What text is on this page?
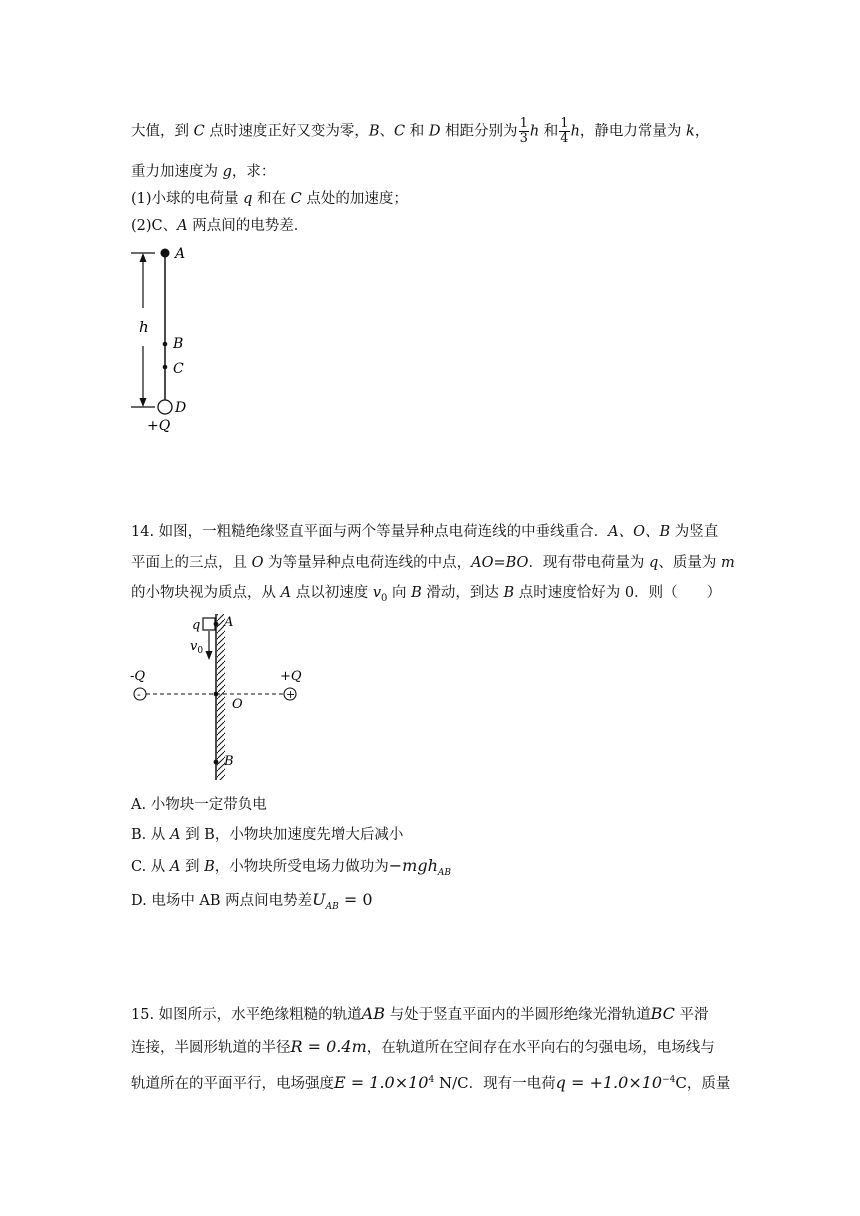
大值，到 C 点时速度正好又变为零，B、C 和 D 相距分别为 $\frac{1}{3}$ h 和 $\frac{1}{4}$ h，静电力常量为 k，
重力加速度为 g，求：
(1)小球的电荷量 q 和在 C 点处的加速度；
(2)C、A 两点间的电势差．
h
A
B
C
D
+Q
14. 如图，一粗糙绝缘竖直平面与两个等量异种点电荷连线的中垂线重合．A、O、B 为竖直
平面上的三点，且 O 为等量异种点电荷连线的中点，AO=BO．现有带电荷量为 q、质量为 m
的小物块视为质点，从 A 点以初速度 $v_0$ 向 B 滑动，到达 B 点时速度恰好为 0．则（　　）
q A
$v_0$
-
-Q
+
+Q
O
B
A. 小物块一定带负电
B. 从 A 到 B，小物块加速度先增大后减小
C. 从 A 到 B，小物块所受电场力做功为−mgh$_{AB}$
D. 电场中 AB 两点间电势差$U_{AB} = 0$
15. 如图所示，水平绝缘粗糙的轨道AB 与处于竖直平面内的半圆形绝缘光滑轨道BC 平滑
连接，半圆形轨道的半径R = 0.4m，在轨道所在空间存在水平向右的匀强电场，电场线与
轨道所在的平面平行，电场强度$E = 1.0\times 10^4$ N/C．现有一电荷$q = +1.0\times 10^{-4}C$，质量
